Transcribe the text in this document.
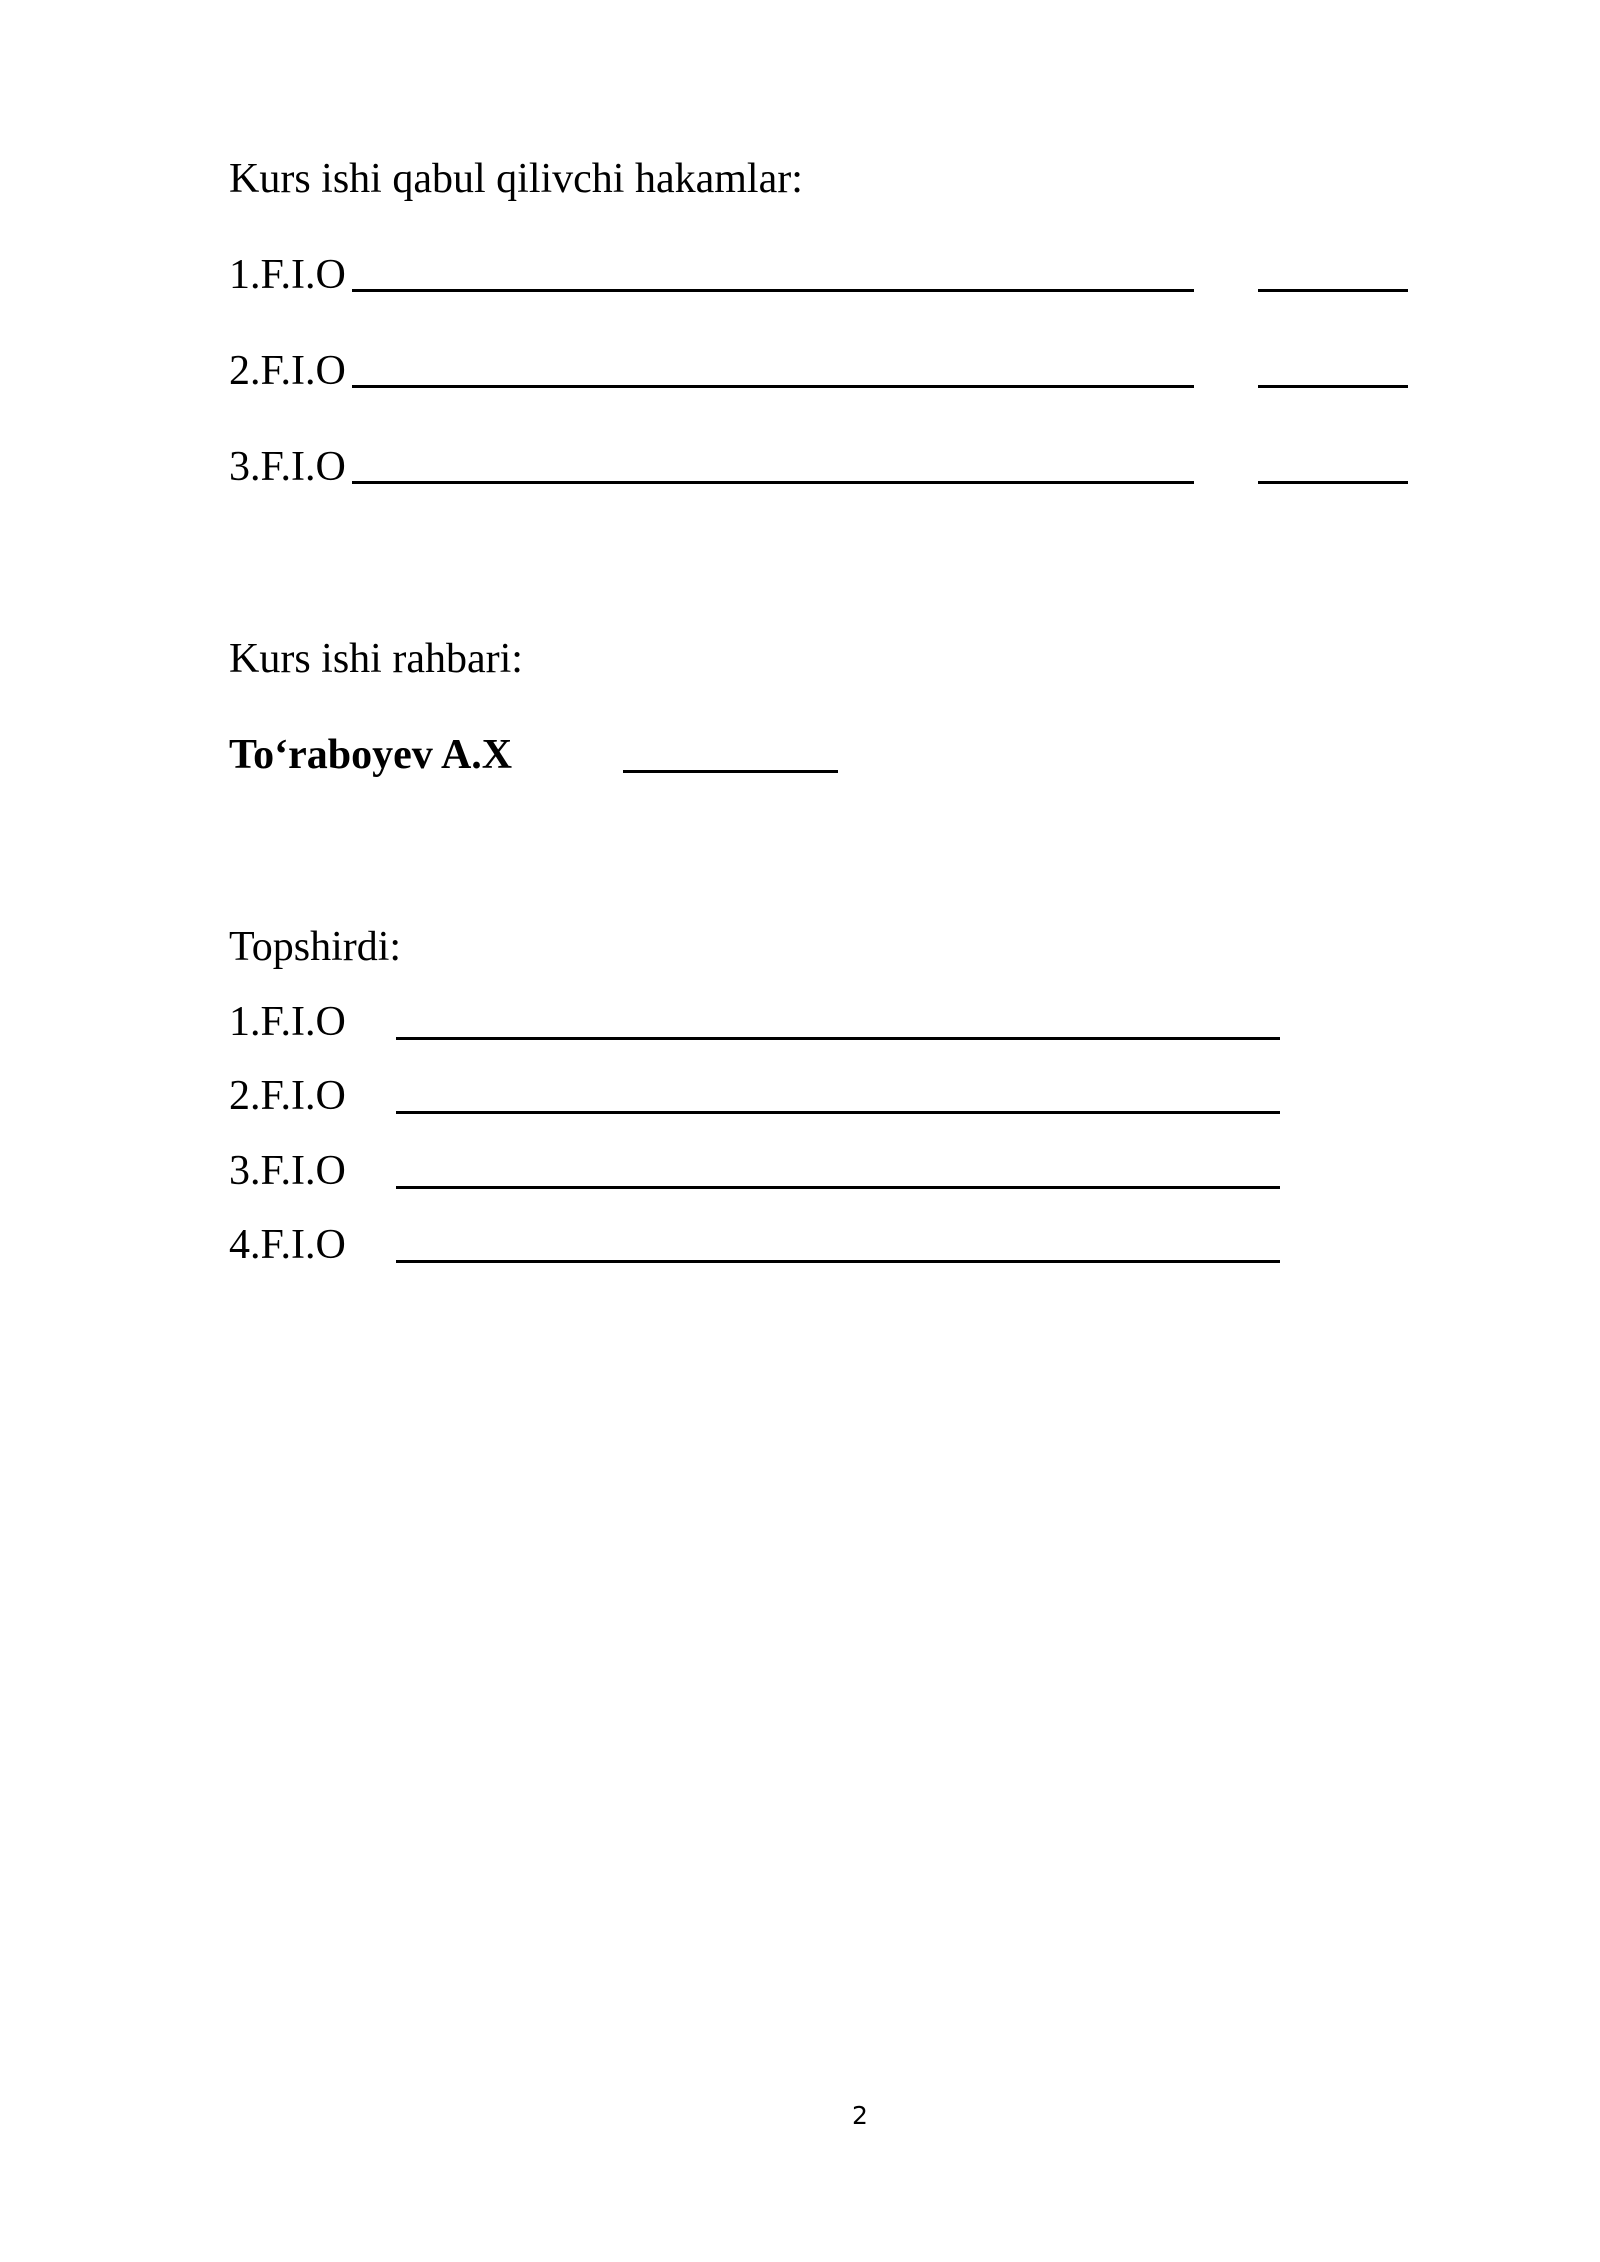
Kurs ishi qabul qilivchi hakamlar:
1.F.I.O
2.F.I.O
3.F.I.O
Kurs ishi rahbari:
To‘raboyev A.X
Topshirdi:
1.F.I.O
2.F.I.O
3.F.I.O
4.F.I.O
2
